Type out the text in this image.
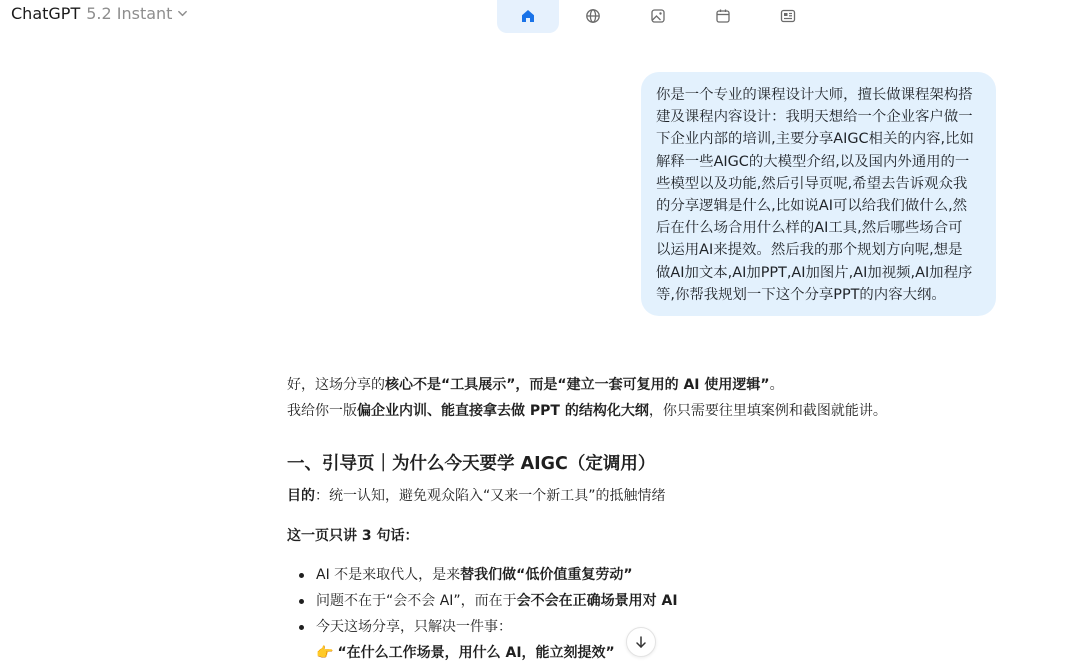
ChatGPT 5.2 Instant
你是一个专业的课程设计大师，擅长做课程架构搭
建及课程内容设计：我明天想给一个企业客户做一
下企业内部的培训,主要分享AIGC相关的内容,比如
解释一些AIGC的大模型介绍,以及国内外通用的一
些模型以及功能,然后引导页呢,希望去告诉观众我
的分享逻辑是什么,比如说AI可以给我们做什么,然
后在什么场合用什么样的AI工具,然后哪些场合可
以运用AI来提效。然后我的那个规划方向呢,想是
做AI加文本,AI加PPT,AI加图片,AI加视频,AI加程序
等,你帮我规划一下这个分享PPT的内容大纲。

好，这场分享的核心不是“工具展示”，而是“建立一套可复用的 AI 使用逻辑”。

我给你一版偏企业内训、能直接拿去做 PPT 的结构化大纲，你只需要往里填案例和截图就能讲。

一、引导页｜为什么今天要学 AIGC（定调用）

目的：统一认知，避免观众陷入“又来一个新工具”的抵触情绪

这一页只讲 3 句话：

AI 不是来取代人，是来替我们做“低价值重复劳动”
问题不在于“会不会 AI”，而在于会不会在正确场景用对 AI
今天这场分享，只解决一件事：

👉 “在什么工作场景，用什么 AI，能立刻提效”
